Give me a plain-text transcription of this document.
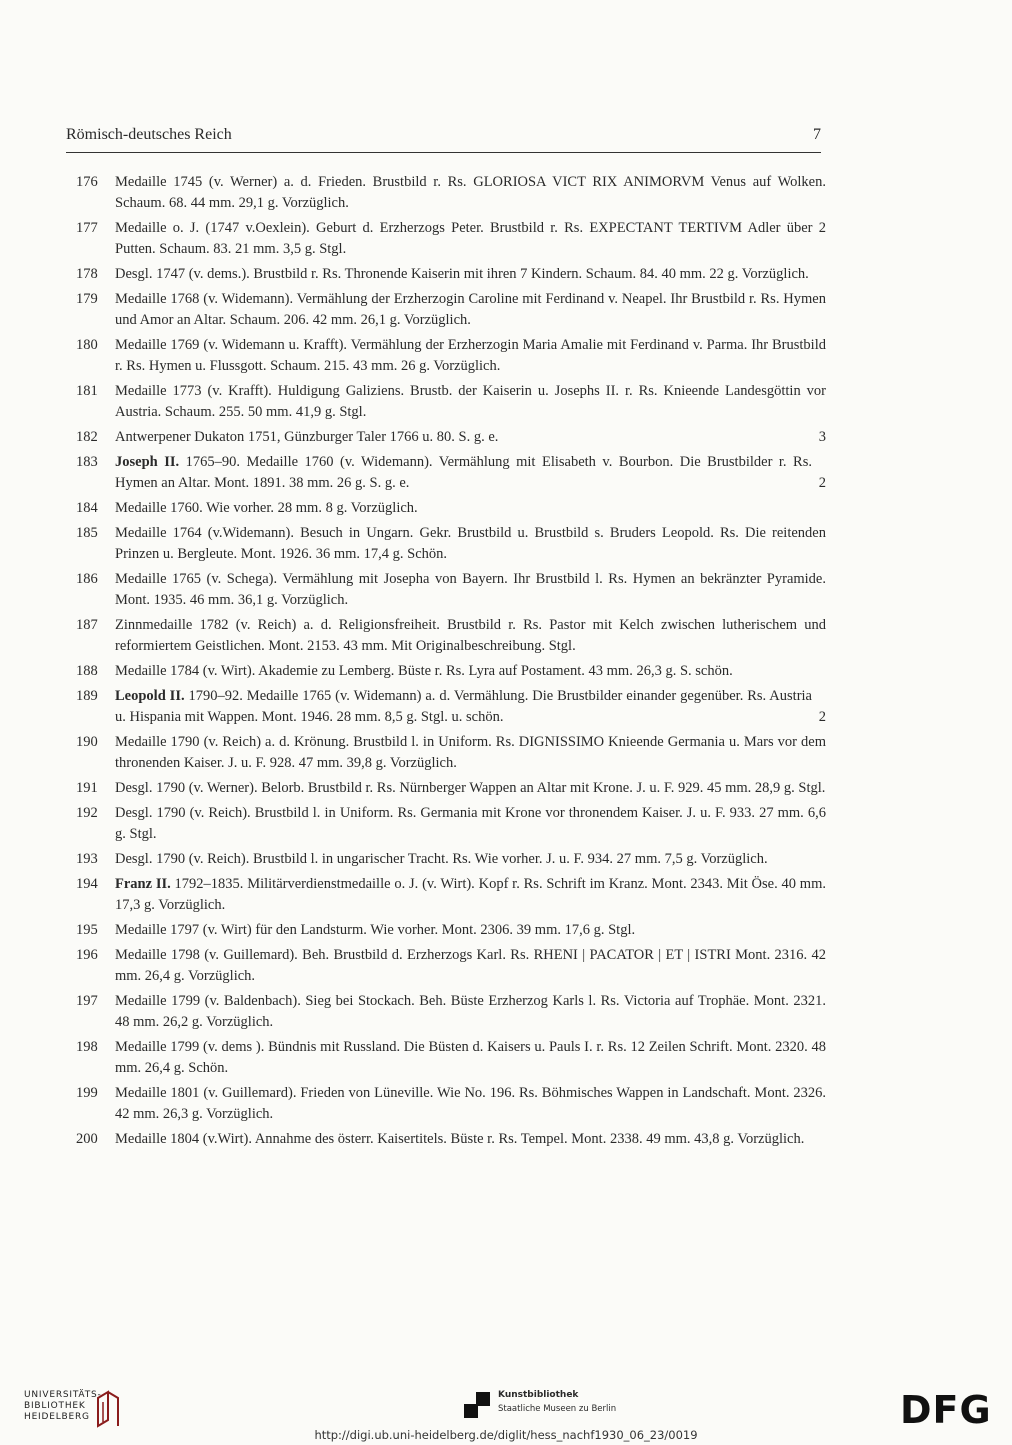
Römisch-deutsches Reich	7
176 Medaille 1745 (v. Werner) a. d. Frieden. Brustbild r. Rs. GLORIOSA VICT RIX ANIMORVM Venus auf Wolken. Schaum. 68. 44 mm. 29,1 g. Vorzüglich.
177 Medaille o. J. (1747 v.Oexlein). Geburt d. Erzherzogs Peter. Brustbild r. Rs. EXPECTANT TERTIVM Adler über 2 Putten. Schaum. 83. 21 mm. 3,5 g. Stgl.
178 Desgl. 1747 (v. dems.). Brustbild r. Rs. Thronende Kaiserin mit ihren 7 Kindern. Schaum. 84. 40 mm. 22 g. Vorzüglich.
179 Medaille 1768 (v. Widemann). Vermählung der Erzherzogin Caroline mit Ferdinand v. Neapel. Ihr Brustbild r. Rs. Hymen und Amor an Altar. Schaum. 206. 42 mm. 26,1 g. Vorzüglich.
180 Medaille 1769 (v. Widemann u. Krafft). Vermählung der Erzherzogin Maria Amalie mit Ferdinand v. Parma. Ihr Brustbild r. Rs. Hymen u. Flussgott. Schaum. 215. 43 mm. 26 g. Vorzüglich.
181 Medaille 1773 (v. Krafft). Huldigung Galiziens. Brustb. der Kaiserin u. Josephs II. r. Rs. Knieende Landesgöttin vor Austria. Schaum. 255. 50 mm. 41,9 g. Stgl.
182 Antwerpener Dukaton 1751, Günzburger Taler 1766 u. 80. S. g. e.	3
183 Joseph II. 1765–90. Medaille 1760 (v. Widemann). Vermählung mit Elisabeth v. Bourbon. Die Brustbilder r. Rs. Hymen an Altar. Mont. 1891. 38 mm. 26 g. S. g. e.	2
184 Medaille 1760. Wie vorher. 28 mm. 8 g. Vorzüglich.
185 Medaille 1764 (v.Widemann). Besuch in Ungarn. Gekr. Brustbild u. Brustbild s. Bruders Leopold. Rs. Die reitenden Prinzen u. Bergleute. Mont. 1926. 36 mm. 17,4 g. Schön.
186 Medaille 1765 (v. Schega). Vermählung mit Josepha von Bayern. Ihr Brustbild l. Rs. Hymen an bekränzter Pyramide. Mont. 1935. 46 mm. 36,1 g. Vorzüglich.
187 Zinnmedaille 1782 (v. Reich) a. d. Religionsfreiheit. Brustbild r. Rs. Pastor mit Kelch zwischen lutherischem und reformiertem Geistlichen. Mont. 2153. 43 mm. Mit Originalbeschreibung. Stgl.
188 Medaille 1784 (v. Wirt). Akademie zu Lemberg. Büste r. Rs. Lyra auf Postament. 43 mm. 26,3 g. S. schön.
189 Leopold II. 1790–92. Medaille 1765 (v. Widemann) a. d. Vermählung. Die Brustbilder einander gegenüber. Rs. Austria u. Hispania mit Wappen. Mont. 1946. 28 mm. 8,5 g. Stgl. u. schön.	2
190 Medaille 1790 (v. Reich) a. d. Krönung. Brustbild l. in Uniform. Rs. DIGNISSIMO Knieende Germania u. Mars vor dem thronenden Kaiser. J. u. F. 928. 47 mm. 39,8 g. Vorzüglich.
191 Desgl. 1790 (v. Werner). Belorb. Brustbild r. Rs. Nürnberger Wappen an Altar mit Krone. J. u. F. 929. 45 mm. 28,9 g. Stgl.
192 Desgl. 1790 (v. Reich). Brustbild l. in Uniform. Rs. Germania mit Krone vor thronendem Kaiser. J. u. F. 933. 27 mm. 6,6 g. Stgl.
193 Desgl. 1790 (v. Reich). Brustbild l. in ungarischer Tracht. Rs. Wie vorher. J. u. F. 934. 27 mm. 7,5 g. Vorzüglich.
194 Franz II. 1792–1835. Militärverdienstmedaille o. J. (v. Wirt). Kopf r. Rs. Schrift im Kranz. Mont. 2343. Mit Öse. 40 mm. 17,3 g. Vorzüglich.
195 Medaille 1797 (v. Wirt) für den Landsturm. Wie vorher. Mont. 2306. 39 mm. 17,6 g. Stgl.
196 Medaille 1798 (v. Guillemard). Beh. Brustbild d. Erzherzogs Karl. Rs. RHENI | PACATOR | ET | ISTRI Mont. 2316. 42 mm. 26,4 g. Vorzüglich.
197 Medaille 1799 (v. Baldenbach). Sieg bei Stockach. Beh. Büste Erzherzog Karls l. Rs. Victoria auf Trophäe. Mont. 2321. 48 mm. 26,2 g. Vorzüglich.
198 Medaille 1799 (v. dems ). Bündnis mit Russland. Die Büsten d. Kaisers u. Pauls I. r. Rs. 12 Zeilen Schrift. Mont. 2320. 48 mm. 26,4 g. Schön.
199 Medaille 1801 (v. Guillemard). Frieden von Lüneville. Wie No. 196. Rs. Böhmisches Wappen in Landschaft. Mont. 2326. 42 mm. 26,3 g. Vorzüglich.
200 Medaille 1804 (v.Wirt). Annahme des österr. Kaisertitels. Büste r. Rs. Tempel. Mont. 2338. 49 mm. 43,8 g. Vorzüglich.
UNIVERSITÄTS-
BIBLIOTHEK
HEIDELBERG
Kunstbibliothek
Staatliche Museen zu Berlin	DFG
http://digi.ub.uni-heidelberg.de/diglit/hess_nachf1930_06_23/0019
